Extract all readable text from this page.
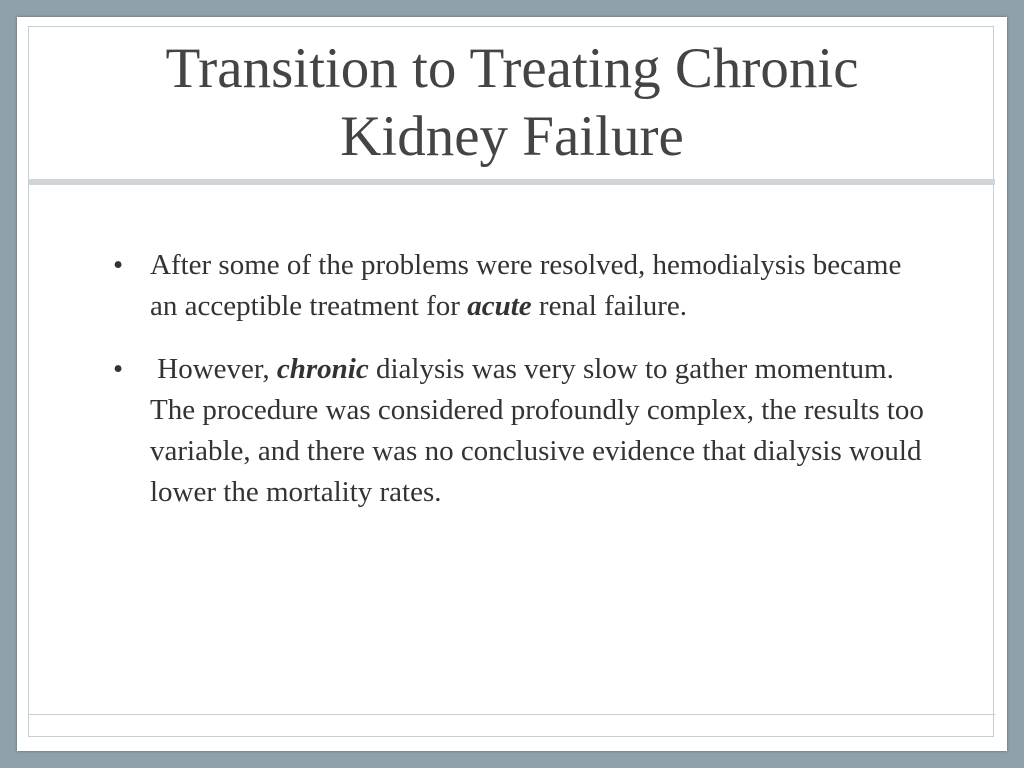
Transition to Treating Chronic
Kidney Failure
• After some of the problems were resolved, hemodialysis became an acceptible treatment for acute renal failure.
• However, chronic dialysis was very slow to gather momentum.  The procedure was considered profoundly complex, the results too variable, and there was no conclusive evidence that dialysis would lower the mortality rates.
